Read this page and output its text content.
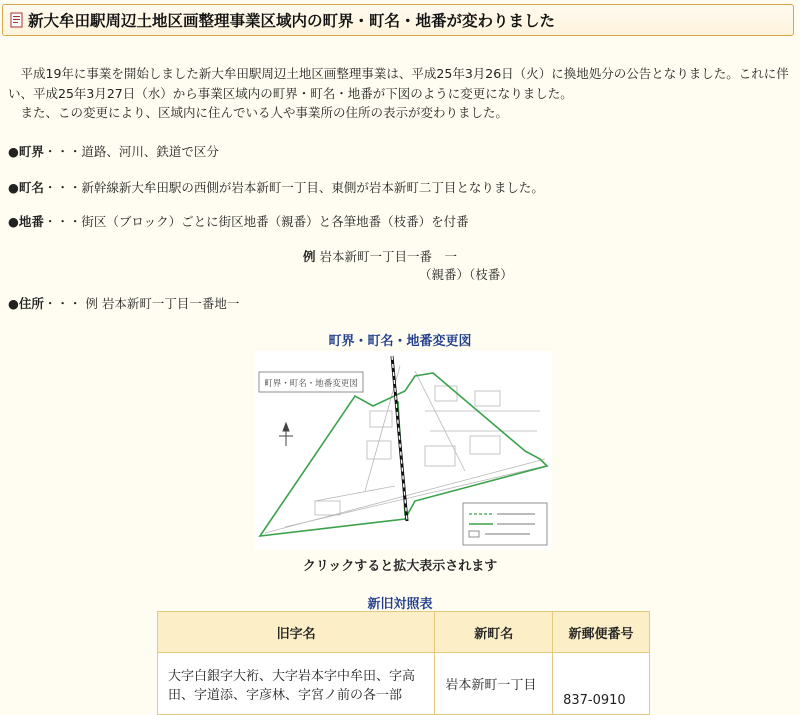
新大牟田駅周辺土地区画整理事業区域内の町界・町名・地番が変わりました

　平成19年に事業を開始しました新大牟田駅周辺土地区画整理事業は、平成25年3月26日（火）に換地処分の公告となりました。これに伴い、平成25年3月27日（水）から事業区域内の町界・町名・地番が下図のように変更になりました。

　また、この変更により、区域内に住んでいる人や事業所の住所の表示が変わりました。

●町界・・・道路、河川、鉄道で区分
●町名・・・新幹線新大牟田駅の西側が岩本新町一丁目、東側が岩本新町二丁目となりました。
●地番・・・街区（ブロック）ごとに街区地番（親番）と各筆地番（枝番）を付番
例 岩本新町一丁目一番　一
（親番）（枝番）
●住所・・・ 例 岩本新町一丁目一番地一
町界・町名・地番変更図
町界・町名・地番変更図
クリックすると拡大表示されます
新旧対照表
旧字名	新町名	新郵便番号
大字白銀字大裄、大字岩本字中牟田、字高田、字道添、字彦林、字宮ノ前の各一部	岩本新町一丁目	837-0910
